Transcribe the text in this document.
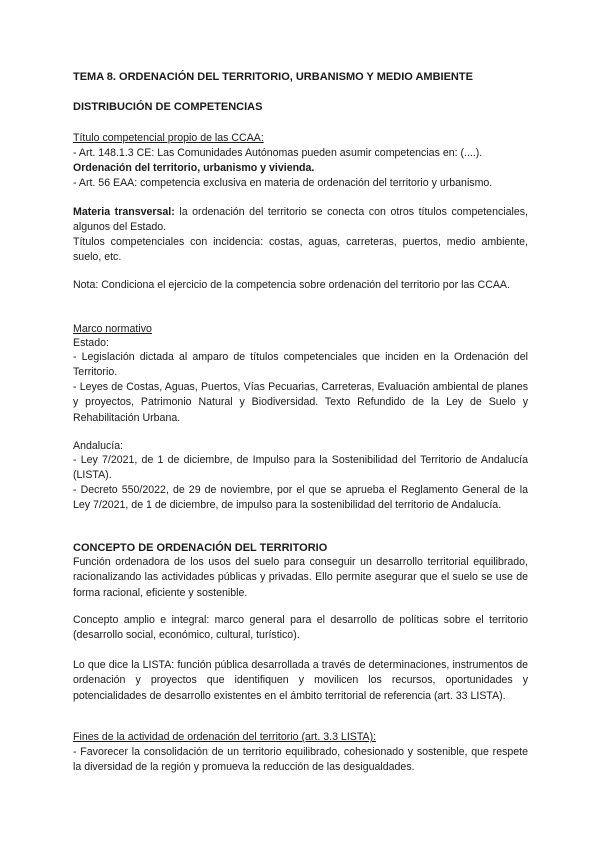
TEMA 8. ORDENACIÓN DEL TERRITORIO, URBANISMO Y MEDIO AMBIENTE

DISTRIBUCIÓN DE COMPETENCIAS

Título competencial propio de las CCAA:

- Art. 148.1.3 CE: Las Comunidades Autónomas pueden asumir competencias en: (....).

Ordenación del territorio, urbanismo y vivienda.

- Art. 56 EAA: competencia exclusiva en materia de ordenación del territorio y urbanismo.

Materia transversal: la ordenación del territorio se conecta con otros títulos competenciales, algunos del Estado.

Títulos competenciales con incidencia: costas, aguas, carreteras, puertos, medio ambiente, suelo, etc.

Nota: Condiciona el ejercicio de la competencia sobre ordenación del territorio por las CCAA.

Marco normativo

Estado:

- Legislación dictada al amparo de títulos competenciales que inciden en la Ordenación del Territorio.

- Leyes de Costas, Aguas, Puertos, Vías Pecuarias, Carreteras, Evaluación ambiental de planes y proyectos, Patrimonio Natural y Biodiversidad. Texto Refundido de la Ley de Suelo y Rehabilitación Urbana.

Andalucía:

- Ley 7/2021, de 1 de diciembre, de Impulso para la Sostenibilidad del Territorio de Andalucía (LISTA).

- Decreto 550/2022, de 29 de noviembre, por el que se aprueba el Reglamento General de la Ley 7/2021, de 1 de diciembre, de impulso para la sostenibilidad del territorio de Andalucía.

CONCEPTO DE ORDENACIÓN DEL TERRITORIO

Función ordenadora de los usos del suelo para conseguir un desarrollo territorial equilibrado, racionalizando las actividades públicas y privadas. Ello permite asegurar que el suelo se use de forma racional, eficiente y sostenible.

Concepto amplio e integral: marco general para el desarrollo de políticas sobre el territorio (desarrollo social, económico, cultural, turístico).

Lo que dice la LISTA: función pública desarrollada a través de determinaciones, instrumentos de ordenación y proyectos que identifiquen y movilicen los recursos, oportunidades y potencialidades de desarrollo existentes en el ámbito territorial de referencia (art. 33 LISTA).

Fines de la actividad de ordenación del territorio (art. 3.3 LISTA):

- Favorecer la consolidación de un territorio equilibrado, cohesionado y sostenible, que respete la diversidad de la región y promueva la reducción de las desigualdades.
